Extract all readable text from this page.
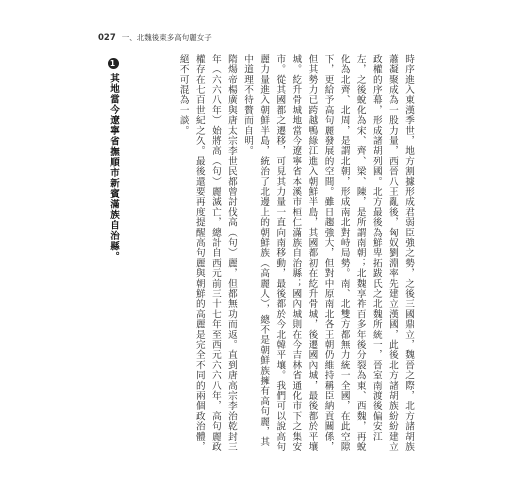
027 一、北魏後東多高句麗女子
1
其地當今遼寧省撫順市新賓滿族自治縣。	時序進入東漢季世，地方割據形成君弱臣強之勢，之後三國鼎立，魏晉之際，北方諸胡族蕭凝聚成為一股力量，西晉八王亂後，匈奴劉淵率先建立漢國，此後北方諸胡族紛紛建立政權的序幕，形成諸胡列國。北方最後為鮮卑拓跋氏之北魏所統一，晉室南渡後偏安江左，之後蛻化為宋、齊、梁、陳，是所謂南朝；北魏享祚百多年後分裂為東、西魏，再蛻化為北齊、北周，是謂北朝，形成南北對峙局勢。南、北雙方都無力統一全國，在此空隙下，更給予高句麗發展的空間。雖日趨強大，但對中原南北各王朝仍維持稱臣納貢關係，但其勢力已跨越鴨綠江進入朝鮮半島，其國都初在紇升骨城，後遷國內城，最後都於平壤城。紇升骨城地當今遼寧省本溪市桓仁滿族自治縣；國內城則在今吉林省通化市下之集安市。從其國都之遷移，可見其力量一直向南移動，最後都於今北韓平壤。我們可以說高句麗力量進入朝鮮半島，統治了北邊上的朝鮮族（高麗人），總不是朝鮮族擁有高句麗，其中道理不待贅而自明。

隋煬帝楊廣與唐太宗李世民都曾討伐高（句）麗，但都無功而返。直到唐高宗李治乾封三年（六六八年）始將高（句）麗滅亡，總計自西元前三十七年至西元六六八年，高句麗政權存在七百世紀之久。最後還要再度提醒高句麗與朝鮮的高麗是完全不同的兩個政治體，絕不可混為一談。
